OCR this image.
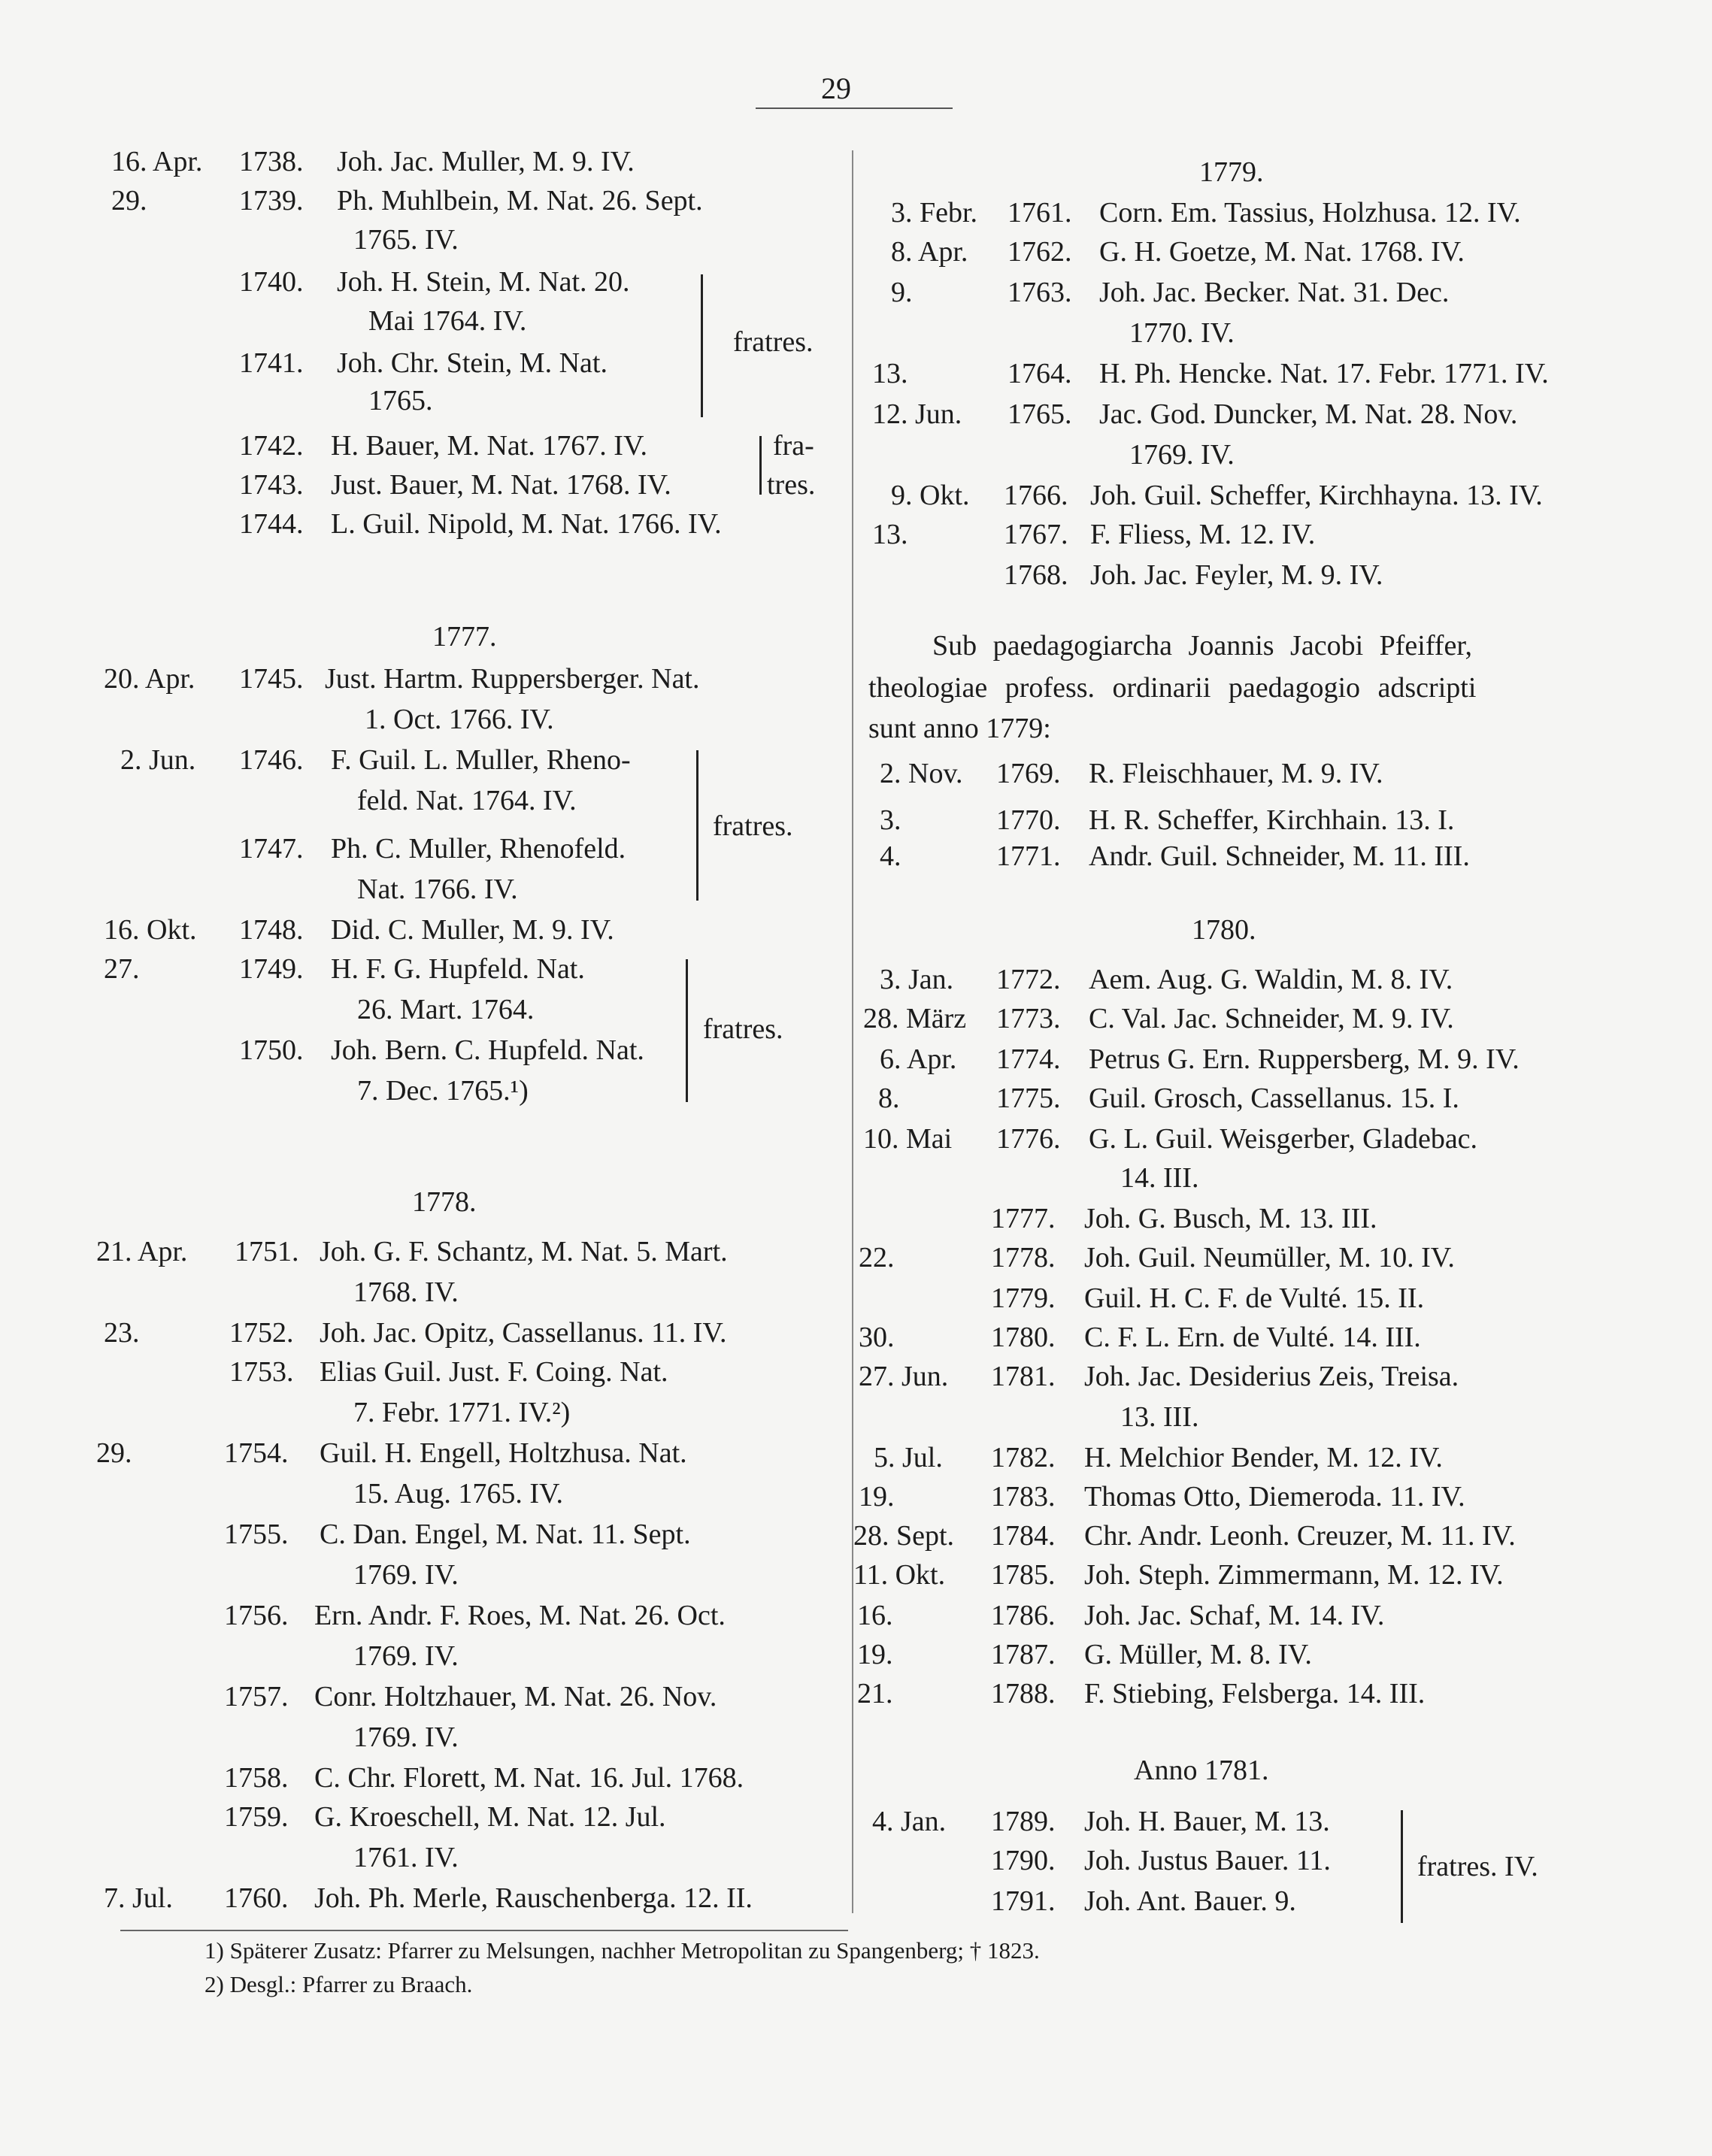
29
16. Apr. 1738. Joh. Jac. Muller, M. 9. IV.
29.	1739. Ph. Muhlbein, M. Nat. 26. Sept.
1765. IV.
1740. Joh. H. Stein, M. Nat. 20.
Mai 1764. IV.
1741. Joh. Chr. Stein, M. Nat.
1765.
fratres.
1742. H. Bauer, M. Nat. 1767. IV.
1743. Just. Bauer, M. Nat. 1768. IV.
fra-
tres.
1744. L. Guil. Nipold, M. Nat. 1766. IV.
1777.
20. Apr. 1745. Just. Hartm. Ruppersberger. Nat.
1. Oct. 1766. IV.
2. Jun. 1746. F. Guil. L. Muller, Rheno-
feld. Nat. 1764. IV.
1747. Ph. C. Muller, Rhenofeld.
Nat. 1766. IV.
fratres.
16. Okt. 1748. Did. C. Muller, M. 9. IV.
27.	1749. H. F. G. Hupfeld. Nat.
26. Mart. 1764.
1750. Joh. Bern. C. Hupfeld. Nat.
7. Dec. 1765.¹)
fratres.
1778.
21. Apr. 1751. Joh. G. F. Schantz, M. Nat. 5. Mart.
1768. IV.
23.	1752. Joh. Jac. Opitz, Cassellanus. 11. IV.
1753. Elias Guil. Just. F. Coing. Nat.
7. Febr. 1771. IV.²)
29.	1754. Guil. H. Engell, Holtzhusa. Nat.
15. Aug. 1765. IV.
1755. C. Dan. Engel, M. Nat. 11. Sept.
1769. IV.
1756. Ern. Andr. F. Roes, M. Nat. 26. Oct.
1769. IV.
1757. Conr. Holtzhauer, M. Nat. 26. Nov.
1769. IV.
1758. C. Chr. Florett, M. Nat. 16. Jul. 1768.
1759. G. Kroeschell, M. Nat. 12. Jul.
1761. IV.
7. Jul. 1760. Joh. Ph. Merle, Rauschenberga. 12. II.
1779.
3. Febr. 1761. Corn. Em. Tassius, Holzhusa. 12. IV.
8. Apr. 1762. G. H. Goetze, M. Nat. 1768. IV.
9.	1763. Joh. Jac. Becker. Nat. 31. Dec.
1770. IV.
13.	1764. H. Ph. Hencke. Nat. 17. Febr. 1771. IV.
12. Jun. 1765. Jac. God. Duncker, M. Nat. 28. Nov.
1769. IV.
9. Okt. 1766. Joh. Guil. Scheffer, Kirchhayna. 13. IV.
13.	1767. F. Fliess, M. 12. IV.
1768. Joh. Jac. Feyler, M. 9. IV.
Sub paedagogiarcha Joannis Jacobi Pfeiffer,
theologiae profess. ordinarii paedagogio adscripti
sunt anno 1779:
2. Nov. 1769. R. Fleischhauer, M. 9. IV.
3.	1770. H. R. Scheffer, Kirchhain. 13. I.
4.	1771. Andr. Guil. Schneider, M. 11. III.
1780.
3. Jan. 1772. Aem. Aug. G. Waldin, M. 8. IV.
28. März 1773. C. Val. Jac. Schneider, M. 9. IV.
6. Apr. 1774. Petrus G. Ern. Ruppersberg, M. 9. IV.
8.	1775. Guil. Grosch, Cassellanus. 15. I.
10. Mai 1776. G. L. Guil. Weisgerber, Gladebac.
14. III.
1777. Joh. G. Busch, M. 13. III.
22.	1778. Joh. Guil. Neumüller, M. 10. IV.
1779. Guil. H. C. F. de Vulté. 15. II.
30.	1780. C. F. L. Ern. de Vulté. 14. III.
27. Jun. 1781. Joh. Jac. Desiderius Zeis, Treisa.
13. III.
5. Jul. 1782. H. Melchior Bender, M. 12. IV.
19.	1783. Thomas Otto, Diemeroda. 11. IV.
28. Sept. 1784. Chr. Andr. Leonh. Creuzer, M. 11. IV.
11. Okt. 1785. Joh. Steph. Zimmermann, M. 12. IV.
16.	1786. Joh. Jac. Schaf, M. 14. IV.
19.	1787. G. Müller, M. 8. IV.
21.	1788. F. Stiebing, Felsberga. 14. III.
Anno 1781.
4. Jan. 1789. Joh. H. Bauer, M. 13.
1790. Joh. Justus Bauer. 11.
1791. Joh. Ant. Bauer. 9.
fratres. IV.
1) Späterer Zusatz: Pfarrer zu Melsungen, nachher Metropolitan zu Spangenberg; † 1823.
2) Desgl.: Pfarrer zu Braach.
